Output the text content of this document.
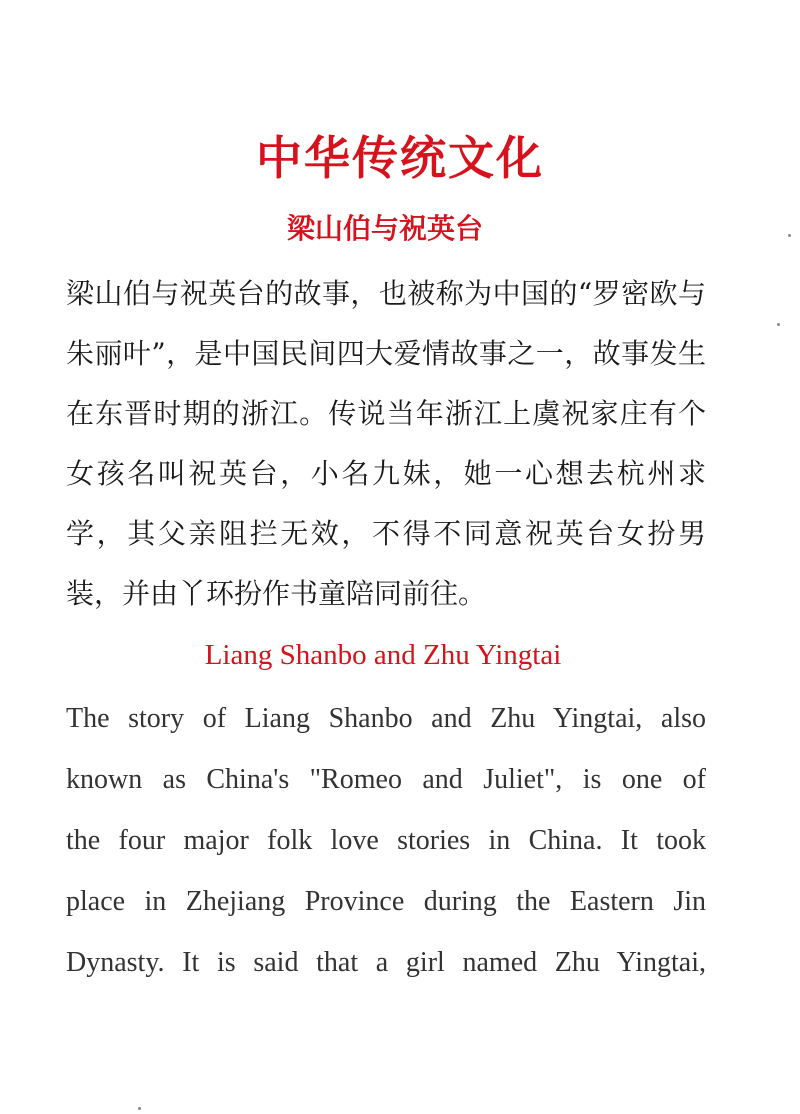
中华传统文化
梁山伯与祝英台

梁山伯与祝英台的故事，也被称为中国的“罗密欧与朱丽叶”，是中国民间四大爱情故事之一，故事发生在东晋时期的浙江。传说当年浙江上虞祝家庄有个女孩名叫祝英台，小名九妹，她一心想去杭州求学，其父亲阻拦无效，不得不同意祝英台女扮男装，并由丫环扮作书童陪同前往。

Liang Shanbo and Zhu Yingtai
The story of Liang Shanbo and Zhu Yingtai, also
known as China's "Romeo and Juliet", is one of
the four major folk love stories in China. It took
place in Zhejiang Province during the Eastern Jin
Dynasty. It is said that a girl named Zhu Yingtai,
